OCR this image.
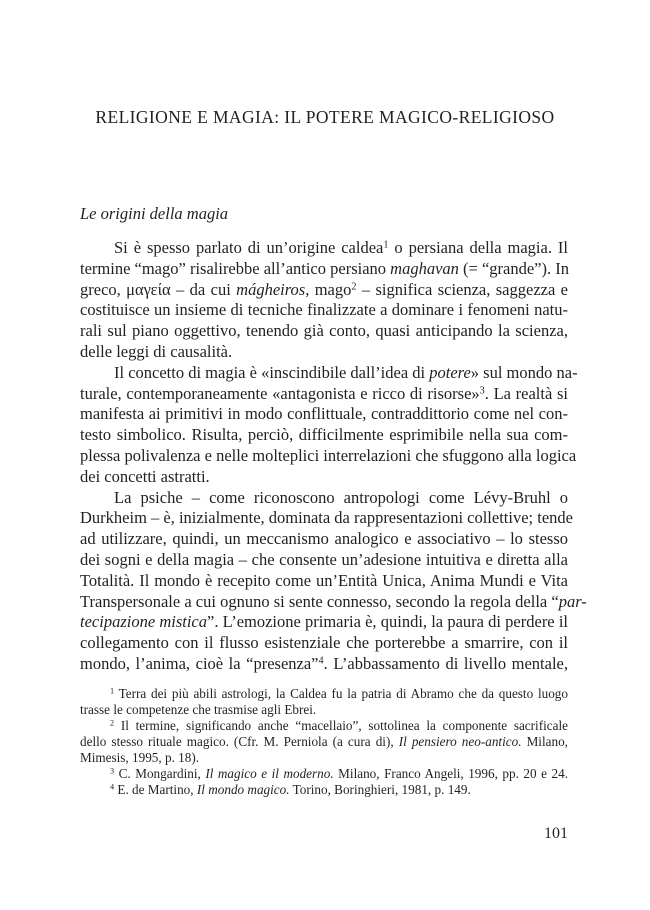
RELIGIONE E MAGIA: IL POTERE MAGICO-RELIGIOSO
Le origini della magia
Si è spesso parlato di un’origine caldea$^1$ o persiana della magia. Il
termine “mago” risalirebbe all’antico persiano maghavan (= “grande”). In
greco, μαγεία – da cui mágheiros, mago$^2$ – significa scienza, saggezza e
costituisce un insieme di tecniche finalizzate a dominare i fenomeni natu-
rali sul piano oggettivo, tenendo già conto, quasi anticipando la scienza,
delle leggi di causalità.
Il concetto di magia è «inscindibile dall’idea di potere» sul mondo na-
turale, contemporaneamente «antagonista e ricco di risorse»$^3$. La realtà si
manifesta ai primitivi in modo conflittuale, contraddittorio come nel con-
testo simbolico. Risulta, perciò, difficilmente esprimibile nella sua com-
plessa polivalenza e nelle molteplici interrelazioni che sfuggono alla logica
dei concetti astratti.
La psiche – come riconoscono antropologi come Lévy-Bruhl o
Durkheim – è, inizialmente, dominata da rappresentazioni collettive; tende
ad utilizzare, quindi, un meccanismo analogico e associativo – lo stesso
dei sogni e della magia – che consente un’adesione intuitiva e diretta alla
Totalità. Il mondo è recepito come un’Entità Unica, Anima Mundi e Vita
Transpersonale a cui ognuno si sente connesso, secondo la regola della “par-
tecipazione mistica”. L’emozione primaria è, quindi, la paura di perdere il
collegamento con il flusso esistenziale che porterebbe a smarrire, con il
mondo, l’anima, cioè la “presenza”$^4$. L’abbassamento di livello mentale,
$^1$ Terra dei più abili astrologi, la Caldea fu la patria di Abramo che da questo luogo
trasse le competenze che trasmise agli Ebrei.
$^2$ Il termine, significando anche “macellaio”, sottolinea la componente sacrificale
dello stesso rituale magico. (Cfr. M. Perniola (a cura di), Il pensiero neo-antico. Milano,
Mimesis, 1995, p. 18).
$^3$ C. Mongardini, Il magico e il moderno. Milano, Franco Angeli, 1996, pp. 20 e 24.
$^4$ E. de Martino, Il mondo magico. Torino, Boringhieri, 1981, p. 149.
101
